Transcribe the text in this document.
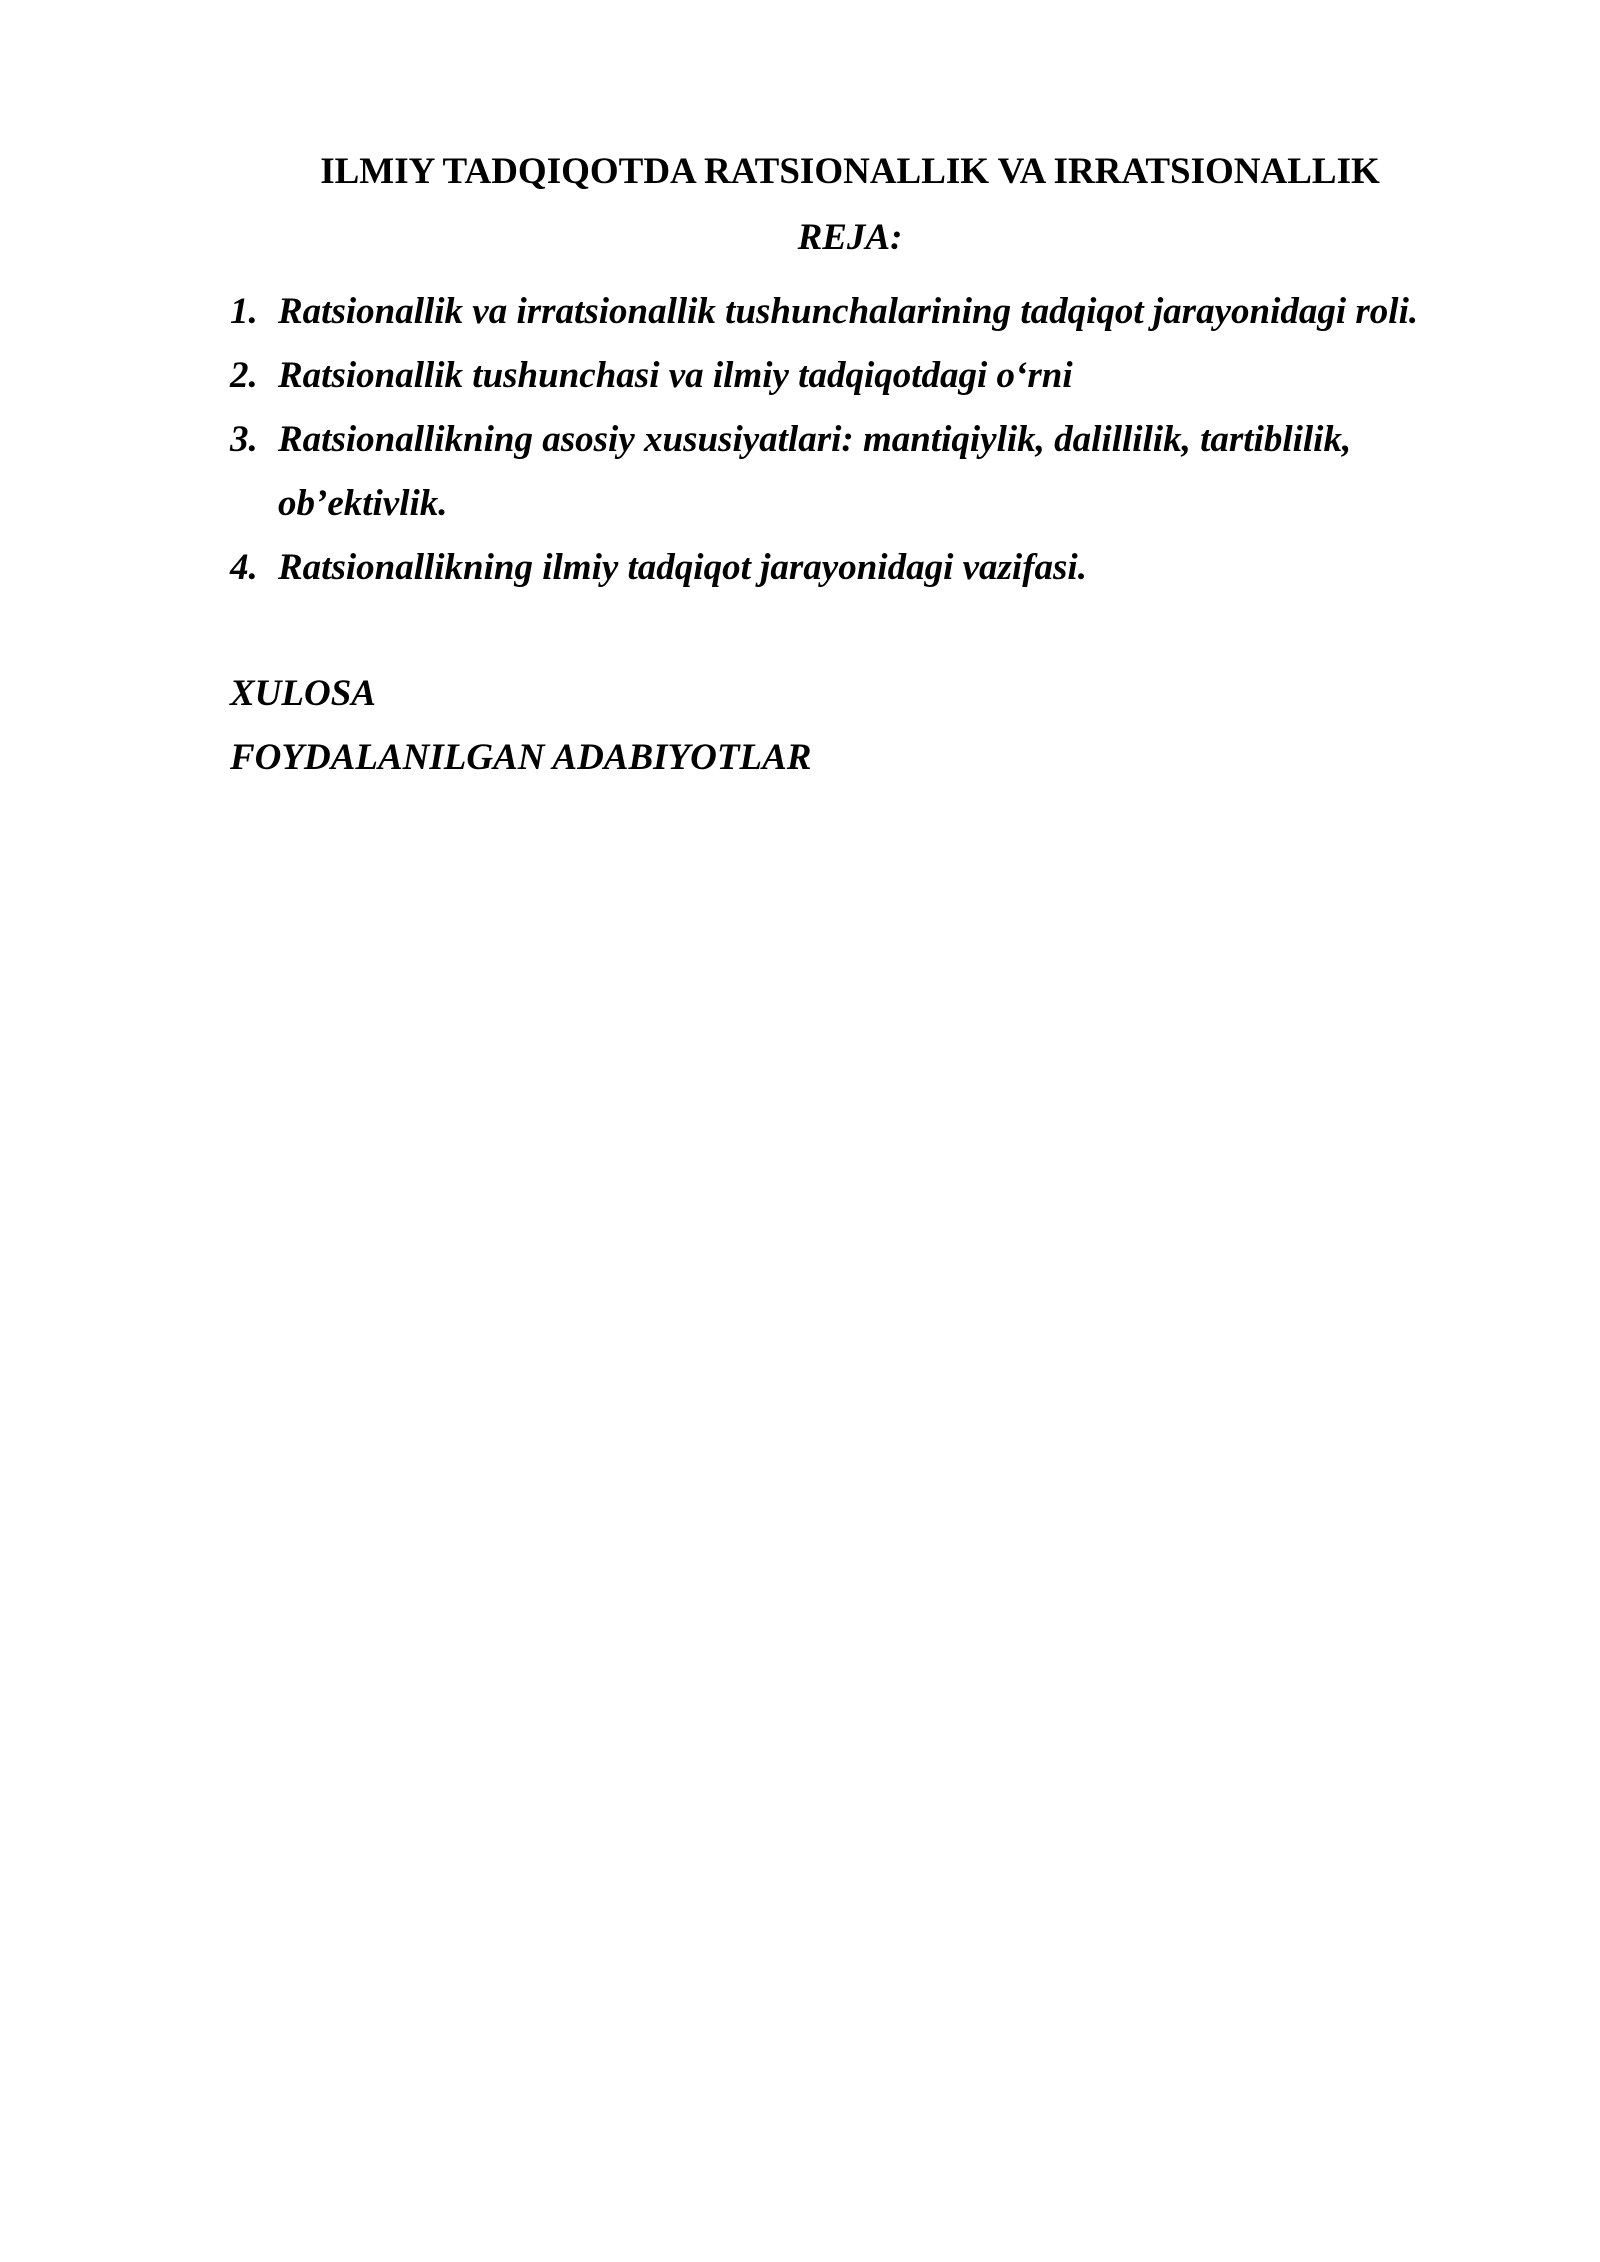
ILMIY TADQIQOTDA RATSIONALLIK VA IRRATSIONALLIK
REJA:
1. Ratsionallik va irratsionallik tushunchalarining tadqiqot jarayonidagi roli.
2. Ratsionallik tushunchasi va ilmiy tadqiqotdagi o‘rni
3. Ratsionallikning asosiy xususiyatlari: mantiqiylik, dalillilik, tartiblilik, ob’ektivlik.
4. Ratsionallikning ilmiy tadqiqot jarayonidagi vazifasi.
XULOSA
FOYDALANILGAN ADABIYOTLAR
